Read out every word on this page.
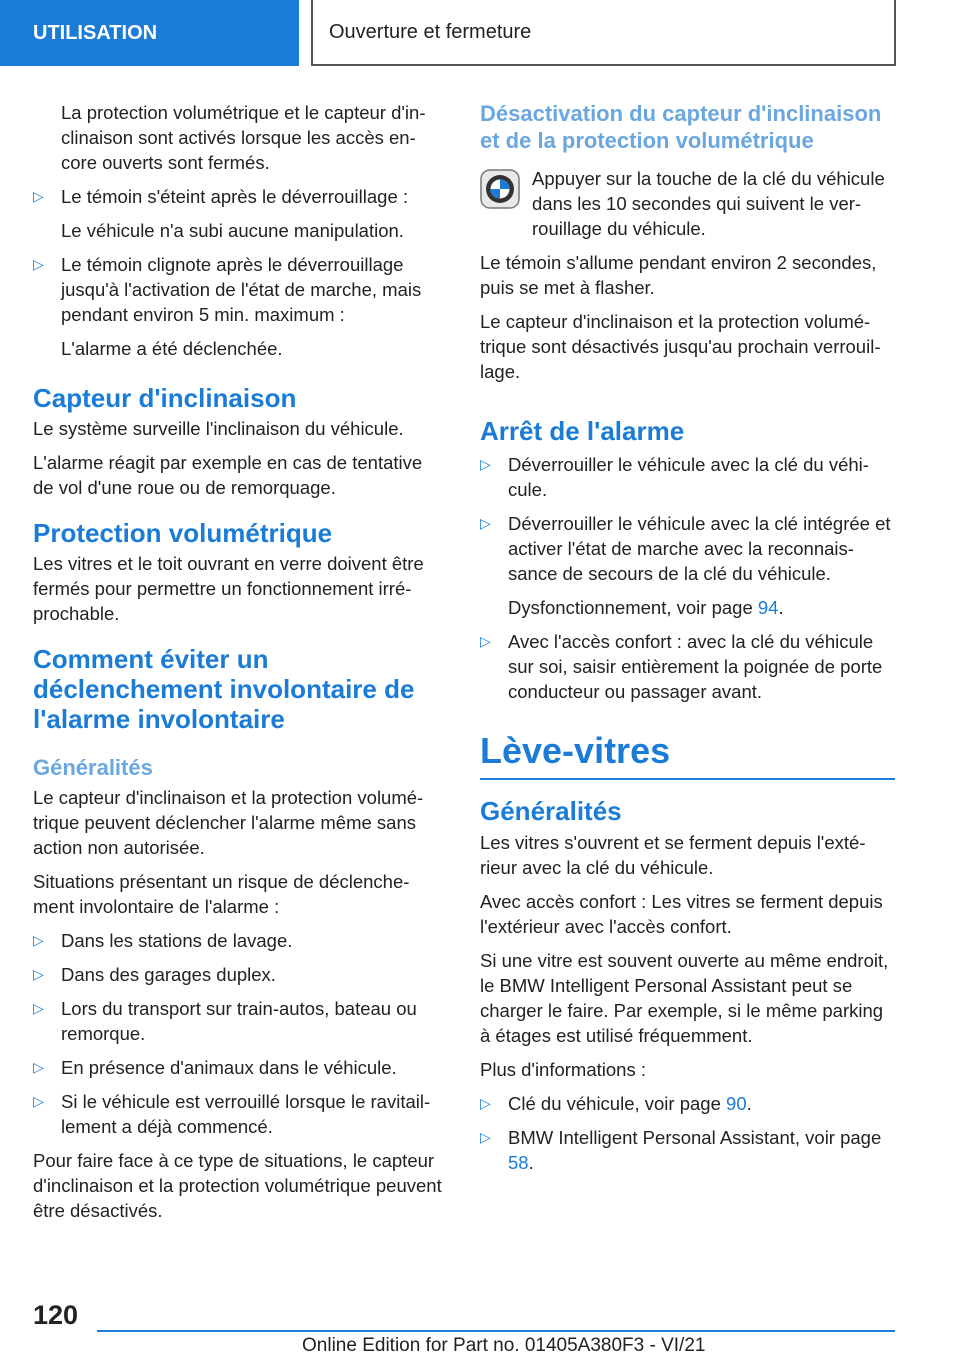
UTILISATION	Ouverture et fermeture

La protection volumétrique et le capteur d'inclinaison sont activés lorsque les accès encore ouverts sont fermés.

▷ Le témoin s'éteint après le déverrouillage :

Le véhicule n'a subi aucune manipulation.

▷ Le témoin clignote après le déverrouillage jusqu'à l'activation de l'état de marche, mais pendant environ 5 min. maximum :

L'alarme a été déclenchée.

Capteur d'inclinaison

Le système surveille l'inclinaison du véhicule.

L'alarme réagit par exemple en cas de tentative de vol d'une roue ou de remorquage.

Protection volumétrique

Les vitres et le toit ouvrant en verre doivent être fermés pour permettre un fonctionnement irréprochable.

Comment éviter un déclenchement involontaire de l'alarme involontaire
Généralités

Le capteur d'inclinaison et la protection volumétrique peuvent déclencher l'alarme même sans action non autorisée.

Situations présentant un risque de déclenchement involontaire de l'alarme :

▷ Dans les stations de lavage.
▷ Dans des garages duplex.
▷ Lors du transport sur train-autos, bateau ou remorque.
▷ En présence d'animaux dans le véhicule.
▷ Si le véhicule est verrouillé lorsque le ravitaillement a déjà commencé.

Pour faire face à ce type de situations, le capteur d'inclinaison et la protection volumétrique peuvent être désactivés.

Désactivation du capteur d'inclinaison et de la protection volumétrique

Appuyer sur la touche de la clé du véhicule dans les 10 secondes qui suivent le verrouillage du véhicule.

Le témoin s'allume pendant environ 2 secondes, puis se met à flasher.

Le capteur d'inclinaison et la protection volumétrique sont désactivés jusqu'au prochain verrouillage.

Arrêt de l'alarme
▷ Déverrouiller le véhicule avec la clé du véhicule.
▷ Déverrouiller le véhicule avec la clé intégrée et activer l'état de marche avec la reconnaissance de secours de la clé du véhicule.

Dysfonctionnement, voir page 94.

▷ Avec l'accès confort : avec la clé du véhicule sur soi, saisir entièrement la poignée de porte conducteur ou passager avant.
Lève-vitres
Généralités

Les vitres s'ouvrent et se ferment depuis l'extérieur avec la clé du véhicule.

Avec accès confort : Les vitres se ferment depuis l'extérieur avec l'accès confort.

Si une vitre est souvent ouverte au même endroit, le BMW Intelligent Personal Assistant peut se charger le faire. Par exemple, si le même parking à étages est utilisé fréquemment.

Plus d'informations :

▷ Clé du véhicule, voir page 90.
▷ BMW Intelligent Personal Assistant, voir page 58.
120
Online Edition for Part no. 01405A380F3 - VI/21
